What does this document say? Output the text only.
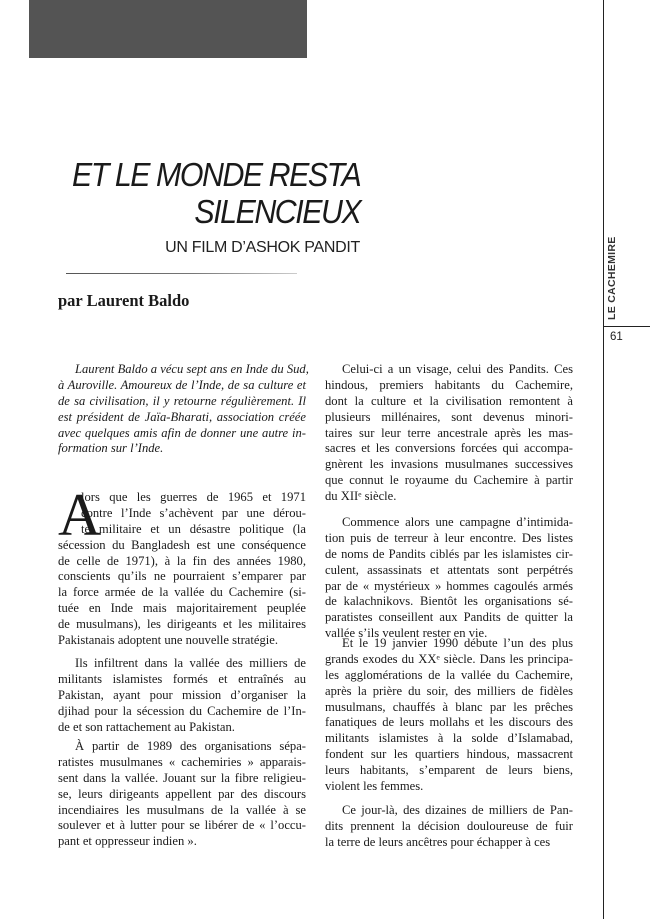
LE CACHEMIRE
61
ET LE MONDE RESTA
SILENCIEUX
UN FILM D’ASHOK PANDIT
par Laurent Baldo
A
Laurent Baldo a vécu sept ans en Inde du Sud,
à Auroville. Amoureux de l’Inde, de sa culture et
de sa civilisation, il y retourne régulièrement. Il
est président de Jaïa-Bharati, association créée
avec quelques amis afin de donner une autre in-
formation sur l’Inde.
lors que les guerres de 1965 et 1971
contre l’Inde s’achèvent par une dérou-
te militaire et un désastre politique (la
sécession du Bangladesh est une conséquence
de celle de 1971), à la fin des années 1980,
conscients qu’ils ne pourraient s’emparer par
la force armée de la vallée du Cachemire (si-
tuée en Inde mais majoritairement peuplée
de musulmans), les dirigeants et les militaires
Pakistanais adoptent une nouvelle stratégie.
Ils infiltrent dans la vallée des milliers de
militants islamistes formés et entraînés au
Pakistan, ayant pour mission d’organiser la
djihad pour la sécession du Cachemire de l’In-
de et son rattachement au Pakistan.
À partir de 1989 des organisations sépa-
ratistes musulmanes « cachemiries » apparais-
sent dans la vallée. Jouant sur la fibre religieu-
se, leurs dirigeants appellent par des discours
incendiaires les musulmans de la vallée à se
soulever et à lutter pour se libérer de « l’occu-
pant et oppresseur indien ».
Celui-ci a un visage, celui des Pandits. Ces
hindous, premiers habitants du Cachemire,
dont la culture et la civilisation remontent à
plusieurs millénaires, sont devenus minori-
taires sur leur terre ancestrale après les mas-
sacres et les conversions forcées qui accompa-
gnèrent les invasions musulmanes successives
que connut le royaume du Cachemire à partir
du XIIᵉ siècle.
Commence alors une campagne d’intimida-
tion puis de terreur à leur encontre. Des listes
de noms de Pandits ciblés par les islamistes cir-
culent, assassinats et attentats sont perpétrés
par de « mystérieux » hommes cagoulés armés
de kalachnikovs. Bientôt les organisations sé-
paratistes conseillent aux Pandits de quitter la
vallée s’ils veulent rester en vie.
Et le 19 janvier 1990 débute l’un des plus
grands exodes du XXᵉ siècle. Dans les principa-
les agglomérations de la vallée du Cachemire,
après la prière du soir, des milliers de fidèles
musulmans, chauffés à blanc par les prêches
fanatiques de leurs mollahs et les discours des
militants islamistes à la solde d’Islamabad,
fondent sur les quartiers hindous, massacrent
leurs habitants, s’emparent de leurs biens,
violent les femmes.
Ce jour-là, des dizaines de milliers de Pan-
dits prennent la décision douloureuse de fuir
la terre de leurs ancêtres pour échapper à ces
